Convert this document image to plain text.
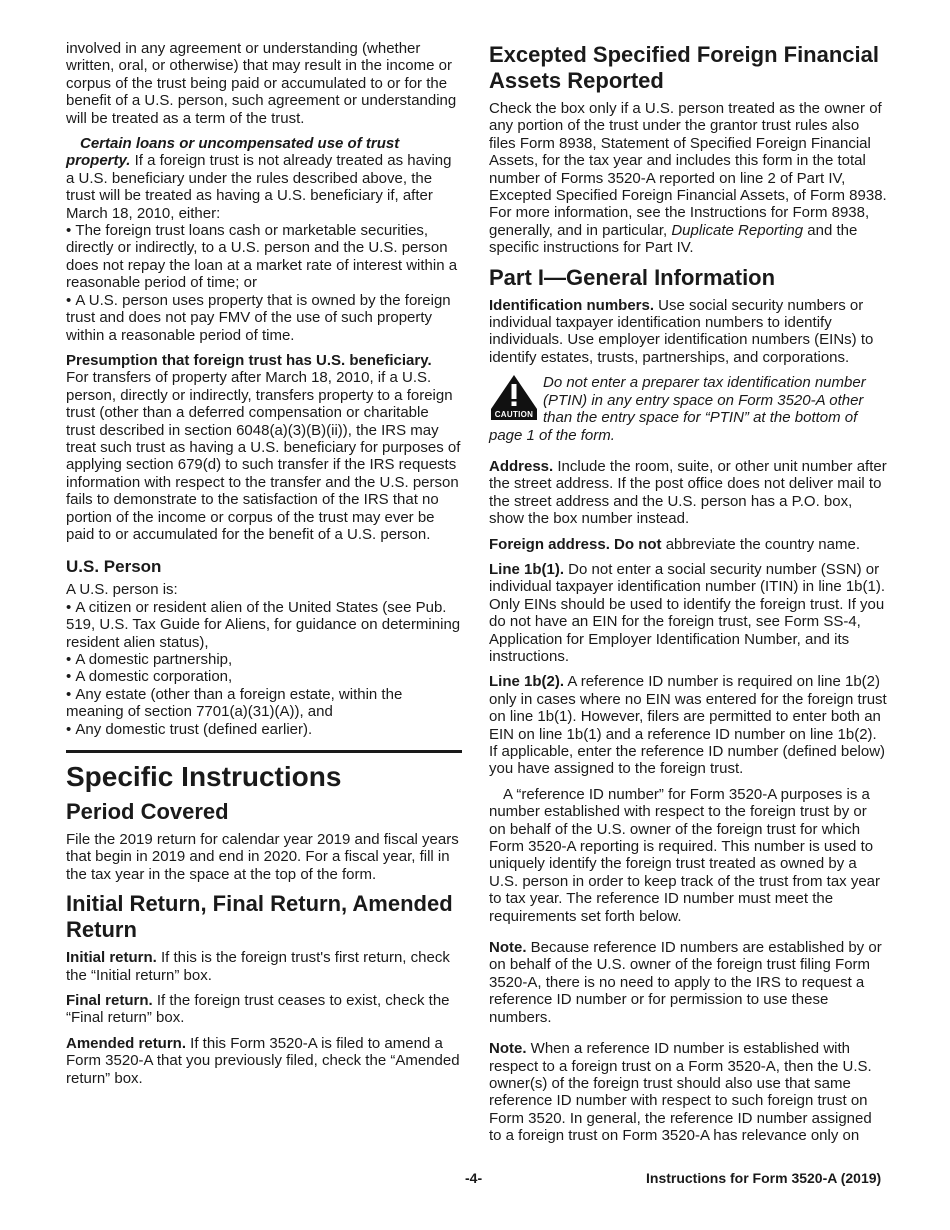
involved in any agreement or understanding (whether written, oral, or otherwise) that may result in the income or corpus of the trust being paid or accumulated to or for the benefit of a U.S. person, such agreement or understanding will be treated as a term of the trust.

Certain loans or uncompensated use of trust property. If a foreign trust is not already treated as having a U.S. beneficiary under the rules described above, the trust will be treated as having a U.S. beneficiary if, after March 18, 2010, either:

• The foreign trust loans cash or marketable securities, directly or indirectly, to a U.S. person and the U.S. person does not repay the loan at a market rate of interest within a reasonable period of time; or

• A U.S. person uses property that is owned by the foreign trust and does not pay FMV of the use of such property within a reasonable period of time.

Presumption that foreign trust has U.S. beneficiary.
For transfers of property after March 18, 2010, if a U.S. person, directly or indirectly, transfers property to a foreign trust (other than a deferred compensation or charitable trust described in section 6048(a)(3)(B)(ii)), the IRS may treat such trust as having a U.S. beneficiary for purposes of applying section 679(d) to such transfer if the IRS requests information with respect to the transfer and the U.S. person fails to demonstrate to the satisfaction of the IRS that no portion of the income or corpus of the trust may ever be paid to or accumulated for the benefit of a U.S. person.

U.S. Person

A U.S. person is:

• A citizen or resident alien of the United States (see Pub. 519, U.S. Tax Guide for Aliens, for guidance on determining resident alien status),

• A domestic partnership,

• A domestic corporation,

• Any estate (other than a foreign estate, within the meaning of section 7701(a)(31)(A)), and

• Any domestic trust (defined earlier).

Specific Instructions
Period Covered

File the 2019 return for calendar year 2019 and fiscal years that begin in 2019 and end in 2020. For a fiscal year, fill in the tax year in the space at the top of the form.

Initial Return, Final Return, Amended Return

Initial return. If this is the foreign trust's first return, check the “Initial return” box.

Final return. If the foreign trust ceases to exist, check the “Final return” box.

Amended return. If this Form 3520-A is filed to amend a Form 3520-A that you previously filed, check the “Amended return” box.

Excepted Specified Foreign Financial Assets Reported

Check the box only if a U.S. person treated as the owner of any portion of the trust under the grantor trust rules also files Form 8938, Statement of Specified Foreign Financial Assets, for the tax year and includes this form in the total number of Forms 3520-A reported on line 2 of Part IV, Excepted Specified Foreign Financial Assets, of Form 8938. For more information, see the Instructions for Form 8938, generally, and in particular, Duplicate Reporting and the specific instructions for Part IV.

Part I—General Information

Identification numbers. Use social security numbers or individual taxpayer identification numbers to identify individuals. Use employer identification numbers (EINs) to identify estates, trusts, partnerships, and corporations.

CAUTION
Do not enter a preparer tax identification number (PTIN) in any entry space on Form 3520-A other than the entry space for “PTIN” at the bottom of page 1 of the form.

Address. Include the room, suite, or other unit number after the street address. If the post office does not deliver mail to the street address and the U.S. person has a P.O. box, show the box number instead.

Foreign address. Do not abbreviate the country name.

Line 1b(1). Do not enter a social security number (SSN) or individual taxpayer identification number (ITIN) in line 1b(1). Only EINs should be used to identify the foreign trust. If you do not have an EIN for the foreign trust, see Form SS-4, Application for Employer Identification Number, and its instructions.

Line 1b(2). A reference ID number is required on line 1b(2) only in cases where no EIN was entered for the foreign trust on line 1b(1). However, filers are permitted to enter both an EIN on line 1b(1) and a reference ID number on line 1b(2). If applicable, enter the reference ID number (defined below) you have assigned to the foreign trust.

A “reference ID number” for Form 3520-A purposes is a number established with respect to the foreign trust by or on behalf of the U.S. owner of the foreign trust for which Form 3520-A reporting is required. This number is used to uniquely identify the foreign trust treated as owned by a U.S. person in order to keep track of the trust from tax year to tax year. The reference ID number must meet the requirements set forth below.

Note. Because reference ID numbers are established by or on behalf of the U.S. owner of the foreign trust filing Form 3520-A, there is no need to apply to the IRS to request a reference ID number or for permission to use these numbers.

Note. When a reference ID number is established with respect to a foreign trust on a Form 3520-A, then the U.S. owner(s) of the foreign trust should also use that same reference ID number with respect to such foreign trust on Form 3520. In general, the reference ID number assigned to a foreign trust on Form 3520-A has relevance only on

-4-	Instructions for Form 3520-A (2019)
